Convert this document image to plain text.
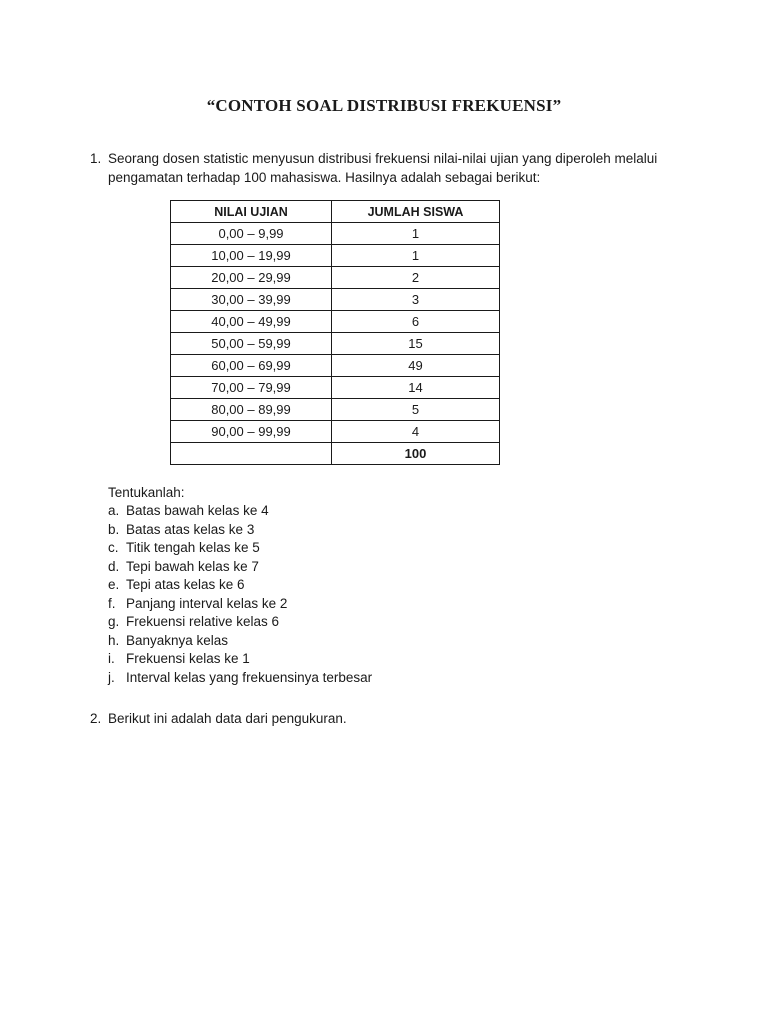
“CONTOH SOAL DISTRIBUSI FREKUENSI”
1. Seorang dosen statistic menyusun distribusi frekuensi nilai-nilai ujian yang diperoleh melalui pengamatan terhadap 100 mahasiswa. Hasilnya adalah sebagai berikut:
NILAI UJIAN	JUMLAH SISWA
0,00 – 9,99	1
10,00 – 19,99	1
20,00 – 29,99	2
30,00 – 39,99	3
40,00 – 49,99	6
50,00 – 59,99	15
60,00 – 69,99	49
70,00 – 79,99	14
80,00 – 89,99	5
90,00 – 99,99	4
	100
Tentukanlah:
a. Batas bawah kelas ke 4
b. Batas atas kelas ke 3
c. Titik tengah kelas ke 5
d. Tepi bawah kelas ke 7
e. Tepi atas kelas ke 6
f. Panjang interval kelas ke 2
g. Frekuensi relative kelas 6
h. Banyaknya kelas
i. Frekuensi kelas ke 1
j. Interval kelas yang frekuensinya terbesar
2. Berikut ini adalah data dari pengukuran.
